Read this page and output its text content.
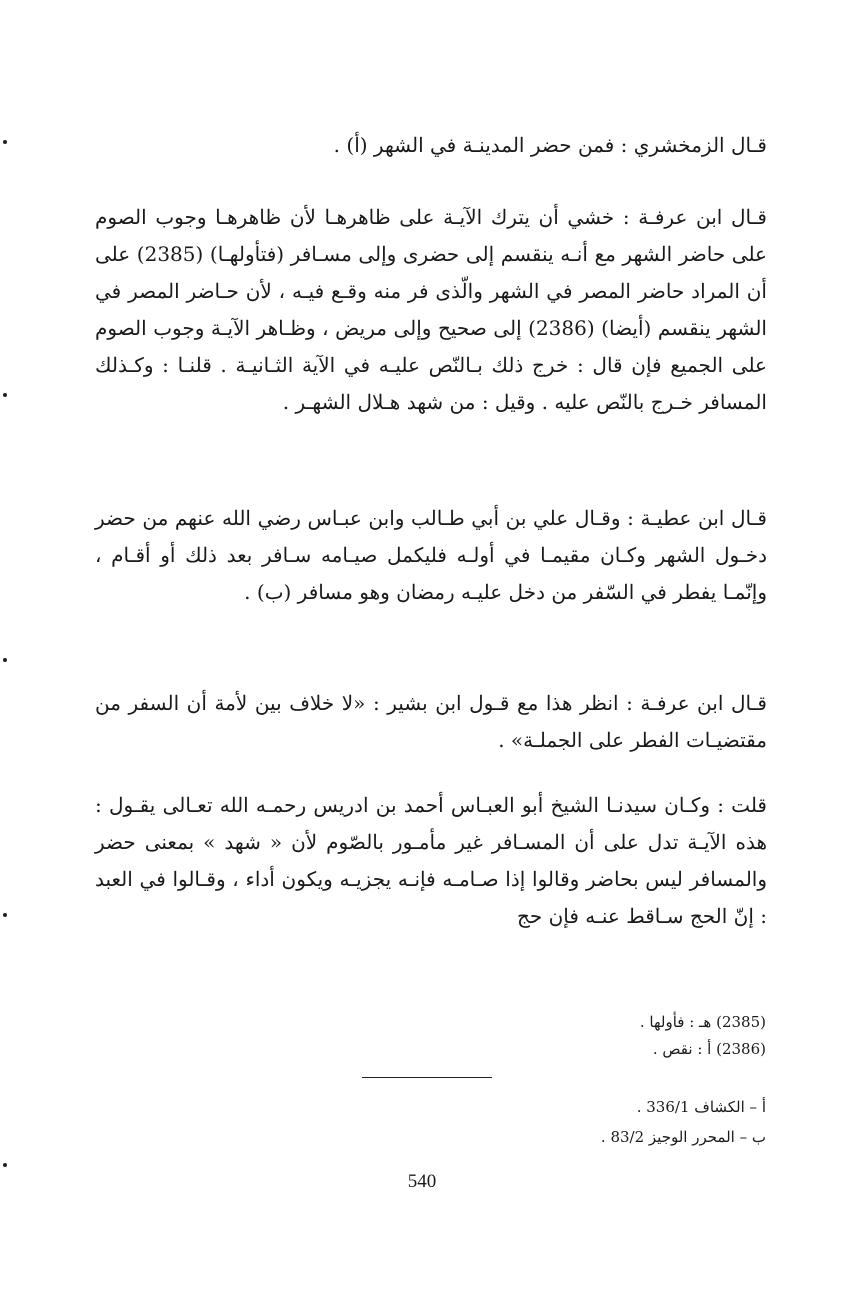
قـال الزمخشري : فمن حضر المدينـة في الشهر (أ) .
قـال ابن عرفـة : خشي أن يترك الآيـة على ظاهرهـا لأن ظاهرهـا وجوب الصوم على حاضر الشهر مع أنـه ينقسم إلى حضرى وإلى مسـافر (فتأولهـا) (2385) على أن المراد حاضر المصر في الشهر والّذى فر منه وقـع فيـه ، لأن حـاضر المصر في الشهر ينقسم (أيضا) (2386) إلى صحيح وإلى مريض ، وظـاهر الآيـة وجوب الصوم على الجميع فإن قال : خرج ذلك بـالنّص عليـه في الآية الثـانيـة . قلنـا : وكـذلك المسافر خـرج بالنّص عليه . وقيل : من شهد هـلال الشهـر .
قـال ابن عطيـة : وقـال علي بن أبي طـالب وابن عبـاس رضي الله عنهم من حضر دخـول الشهر وكـان مقيمـا في أولـه فليكمل صيـامه سـافر بعد ذلك أو أقـام ، وإنّمـا يفطر في السّفر من دخل عليـه رمضان وهو مسافر (ب) .
قـال ابن عرفـة : انظر هذا مع قـول ابن بشير : «لا خلاف بين لأمة أن السفر من مقتضيـات الفطر على الجملـة» .
قلت : وكـان سيدنـا الشيخ أبو العبـاس أحمد بن ادريس رحمـه الله تعـالى يقـول : هذه الآيـة تدل على أن المسـافر غير مأمـور بالصّوم لأن « شهد » بمعنى حضر والمسافر ليس بحاضر وقالوا إذا صـامـه فإنـه يجزيـه ويكون أداء ، وقـالوا في العبد : إنّ الحج سـاقط عنـه فإن حج
(2385) هـ : فأولها .
(2386) أ : نقص .
أ – الكشاف 336/1 .
ب – المحرر الوجيز 83/2 .
540
